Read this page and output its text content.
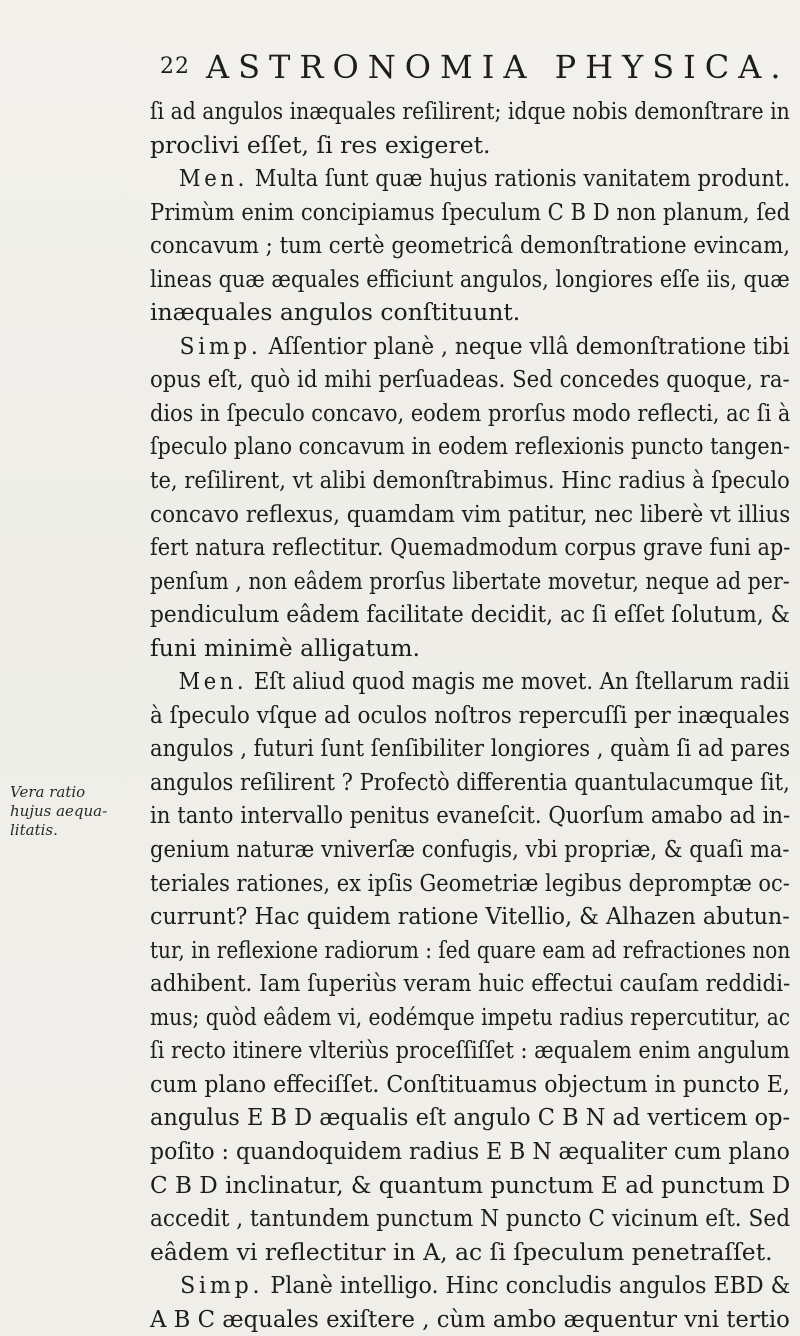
22 ASTRONOMIA PHYSICA.
Vera ratio
hujus aequa-
litatis.

ſi ad angulos inæquales reſilirent; idque nobis demonſtrare in

proclivi eſſet, ſi res exigeret.

Men. Multa ſunt quæ hujus rationis vanitatem produnt.

Primùm enim concipiamus ſpeculum C B D non planum, ſed

concavum ; tum certè geometricâ demonſtratione evincam,

lineas quæ æquales efficiunt angulos, longiores eſſe iis, quæ

inæquales angulos conſtituunt.

Simp. Aſſentior planè , neque vllâ demonſtratione tibi

opus eſt, quò id mihi perſuadeas. Sed concedes quoque, ra-

dios in ſpeculo concavo, eodem prorſus modo reflecti, ac ſi à

ſpeculo plano concavum in eodem reflexionis puncto tangen-

te, reſilirent, vt alibi demonſtrabimus. Hinc radius à ſpeculo

concavo reflexus, quamdam vim patitur, nec liberè vt illius

fert natura reflectitur. Quemadmodum corpus grave funi ap-

penſum , non eâdem prorſus libertate movetur, neque ad per-

pendiculum eâdem facilitate decidit, ac ſi eſſet ſolutum, &

funi minimè alligatum.

Men. Eſt aliud quod magis me movet. An ſtellarum radii

à ſpeculo vſque ad oculos noſtros repercuſſi per inæquales

angulos , futuri ſunt ſenſibiliter longiores , quàm ſi ad pares

angulos reſilirent ? Profectò differentia quantulacumque ſit,

in tanto intervallo penitus evaneſcit. Quorſum amabo ad in-

genium naturæ vniverſæ confugis, vbi propriæ, & quaſi ma-

teriales rationes, ex ipſis Geometriæ legibus depromptæ oc-

currunt? Hac quidem ratione Vitellio, & Alhazen abutun-

tur, in reflexione radiorum : ſed quare eam ad refractiones non

adhibent. Iam ſuperiùs veram huic effectui cauſam reddidi-

mus; quòd eâdem vi, eodémque impetu radius repercutitur, ac

ſi recto itinere vlteriùs proceſſiſſet : æqualem enim angulum

cum plano effeciſſet. Conſtituamus objectum in puncto E,

angulus E B D æqualis eſt angulo C B N ad verticem op-

poſito : quandoquidem radius E B N æqualiter cum plano

C B D inclinatur, & quantum punctum E ad punctum D

accedit , tantundem punctum N puncto C vicinum eſt. Sed

eâdem vi reflectitur in A, ac ſi ſpeculum penetraſſet.

Simp. Planè intelligo. Hinc concludis angulos EBD &

A B C æquales exiſtere , cùm ambo æquentur vni tertio
